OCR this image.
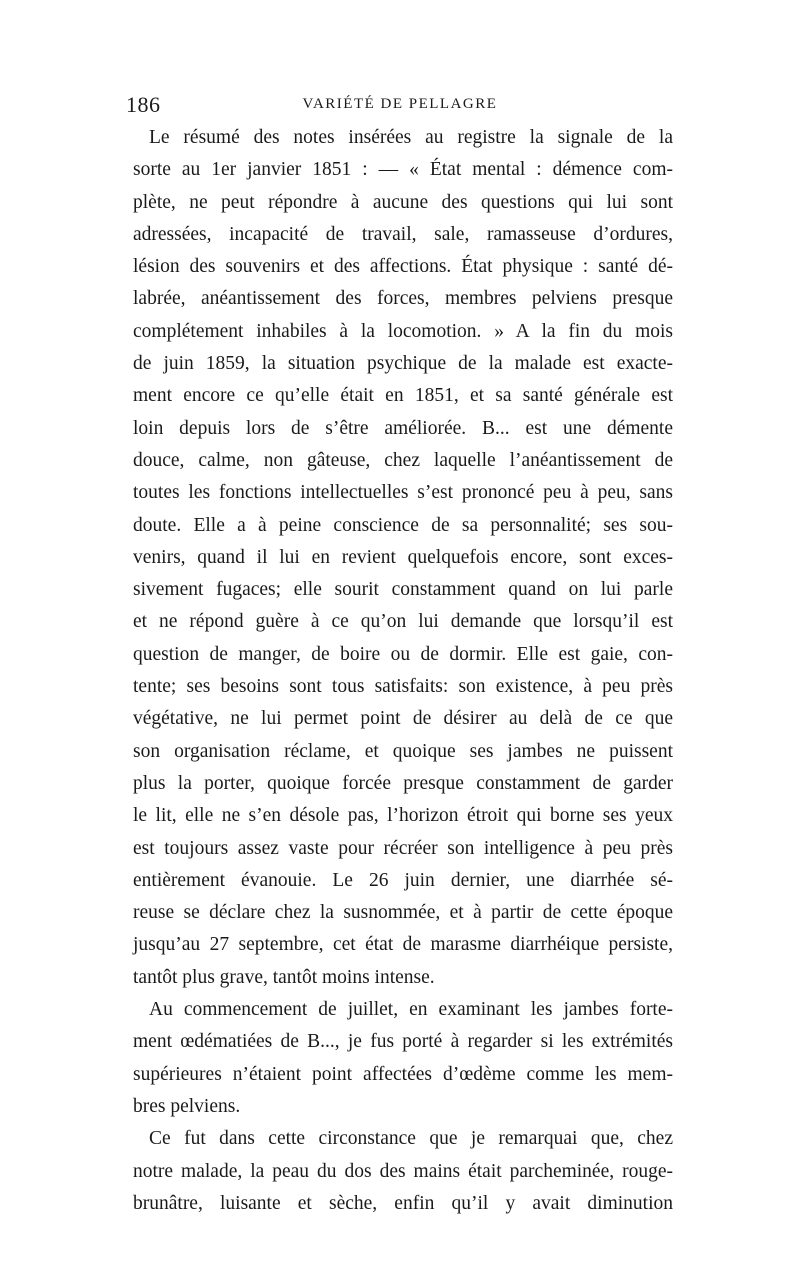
186	VARIÉTÉ DE PELLAGRE
Le résumé des notes insérées au registre la signale de la
sorte au 1er janvier 1851 : — « État mental : démence com-
plète, ne peut répondre à aucune des questions qui lui sont
adressées, incapacité de travail, sale, ramasseuse d’ordures,
lésion des souvenirs et des affections. État physique : santé dé-
labrée, anéantissement des forces, membres pelviens presque
complétement inhabiles à la locomotion. » A la fin du mois
de juin 1859, la situation psychique de la malade est exacte-
ment encore ce qu’elle était en 1851, et sa santé générale est
loin depuis lors de s’être améliorée. B... est une démente
douce, calme, non gâteuse, chez laquelle l’anéantissement de
toutes les fonctions intellectuelles s’est prononcé peu à peu, sans
doute. Elle a à peine conscience de sa personnalité; ses sou-
venirs, quand il lui en revient quelquefois encore, sont exces-
sivement fugaces; elle sourit constamment quand on lui parle
et ne répond guère à ce qu’on lui demande que lorsqu’il est
question de manger, de boire ou de dormir. Elle est gaie, con-
tente; ses besoins sont tous satisfaits: son existence, à peu près
végétative, ne lui permet point de désirer au delà de ce que
son organisation réclame, et quoique ses jambes ne puissent
plus la porter, quoique forcée presque constamment de garder
le lit, elle ne s’en désole pas, l’horizon étroit qui borne ses yeux
est toujours assez vaste pour récréer son intelligence à peu près
entièrement évanouie. Le 26 juin dernier, une diarrhée sé-
reuse se déclare chez la susnommée, et à partir de cette époque
jusqu’au 27 septembre, cet état de marasme diarrhéique persiste,
tantôt plus grave, tantôt moins intense.
Au commencement de juillet, en examinant les jambes forte-
ment œdématiées de B..., je fus porté à regarder si les extrémités
supérieures n’étaient point affectées d’œdème comme les mem-
bres pelviens.
Ce fut dans cette circonstance que je remarquai que, chez
notre malade, la peau du dos des mains était parcheminée, rouge-
brunâtre, luisante et sèche, enfin qu’il y avait diminution
